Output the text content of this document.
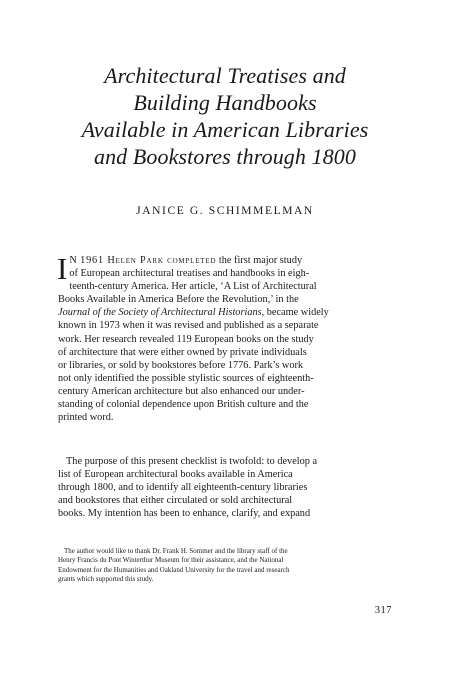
Architectural Treatises and
Building Handbooks
Available in American Libraries
and Bookstores through 1800
JANICE G. SCHIMMELMAN
I N 1961 Helen Park completed the first major study
of European architectural treatises and handbooks in eigh-
teenth-century America. Her article, ‘A List of Architectural
Books Available in America Before the Revolution,’ in the
Journal of the Society of Architectural Historians, became widely
known in 1973 when it was revised and published as a separate
work. Her research revealed 119 European books on the study
of architecture that were either owned by private individuals
or libraries, or sold by bookstores before 1776. Park’s work
not only identified the possible stylistic sources of eighteenth-
century American architecture but also enhanced our under-
standing of colonial dependence upon British culture and the
printed word.
The purpose of this present checklist is twofold: to develop a
list of European architectural books available in America
through 1800, and to identify all eighteenth-century libraries
and bookstores that either circulated or sold architectural
books. My intention has been to enhance, clarify, and expand
The author would like to thank Dr. Frank H. Sommer and the library staff of the
Henry Francis du Pont Winterthur Museum for their assistance, and the National
Endowment for the Humanities and Oakland University for the travel and research
grants which supported this study.
317
